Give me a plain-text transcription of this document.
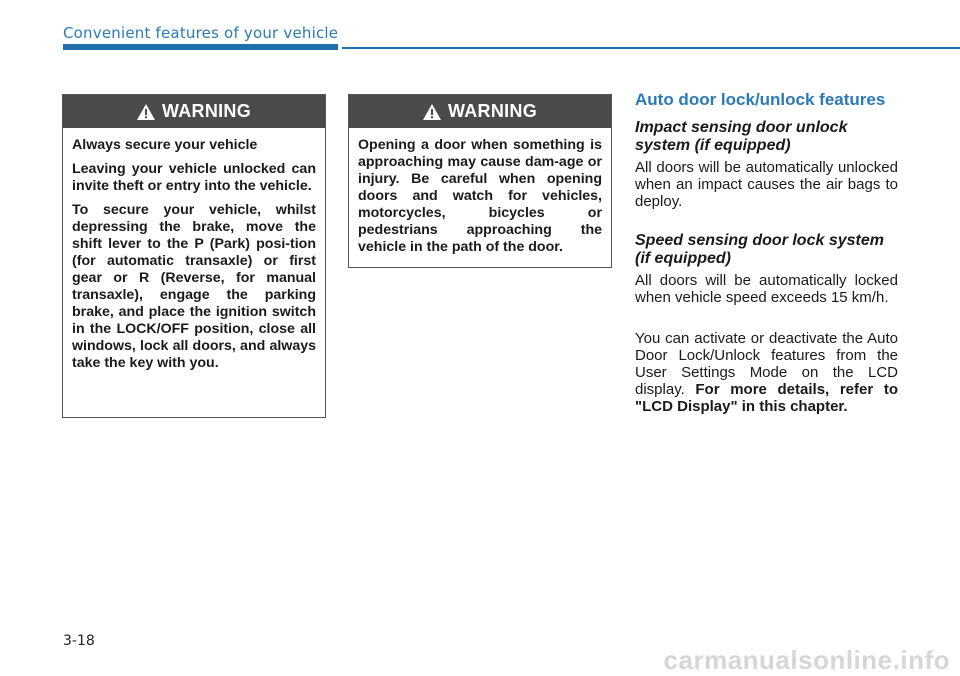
Convenient features of your vehicle
WARNING

Always secure your vehicle

Leaving your vehicle unlocked can invite theft or entry into the vehicle.

To secure your vehicle, whilst depressing the brake, move the shift lever to the P (Park) posi-tion (for automatic transaxle) or first gear or R (Reverse, for manual transaxle), engage the parking brake, and place the ignition switch in the LOCK/OFF position, close all windows, lock all doors, and always take the key with you.

WARNING

Opening a door when something is approaching may cause dam-age or injury. Be careful when opening doors and watch for vehicles, motorcycles, bicycles or pedestrians approaching the vehicle in the path of the door.

Auto door lock/unlock features
Impact sensing door unlock system (if equipped)

All doors will be automatically unlocked when an impact causes the air bags to deploy.

Speed sensing door lock system (if equipped)

All doors will be automatically locked when vehicle speed exceeds 15 km/h.

You can activate or deactivate the Auto Door Lock/Unlock features from the User Settings Mode on the LCD display. For more details, refer to "LCD Display" in this chapter.

3-18
carmanualsonline.info
